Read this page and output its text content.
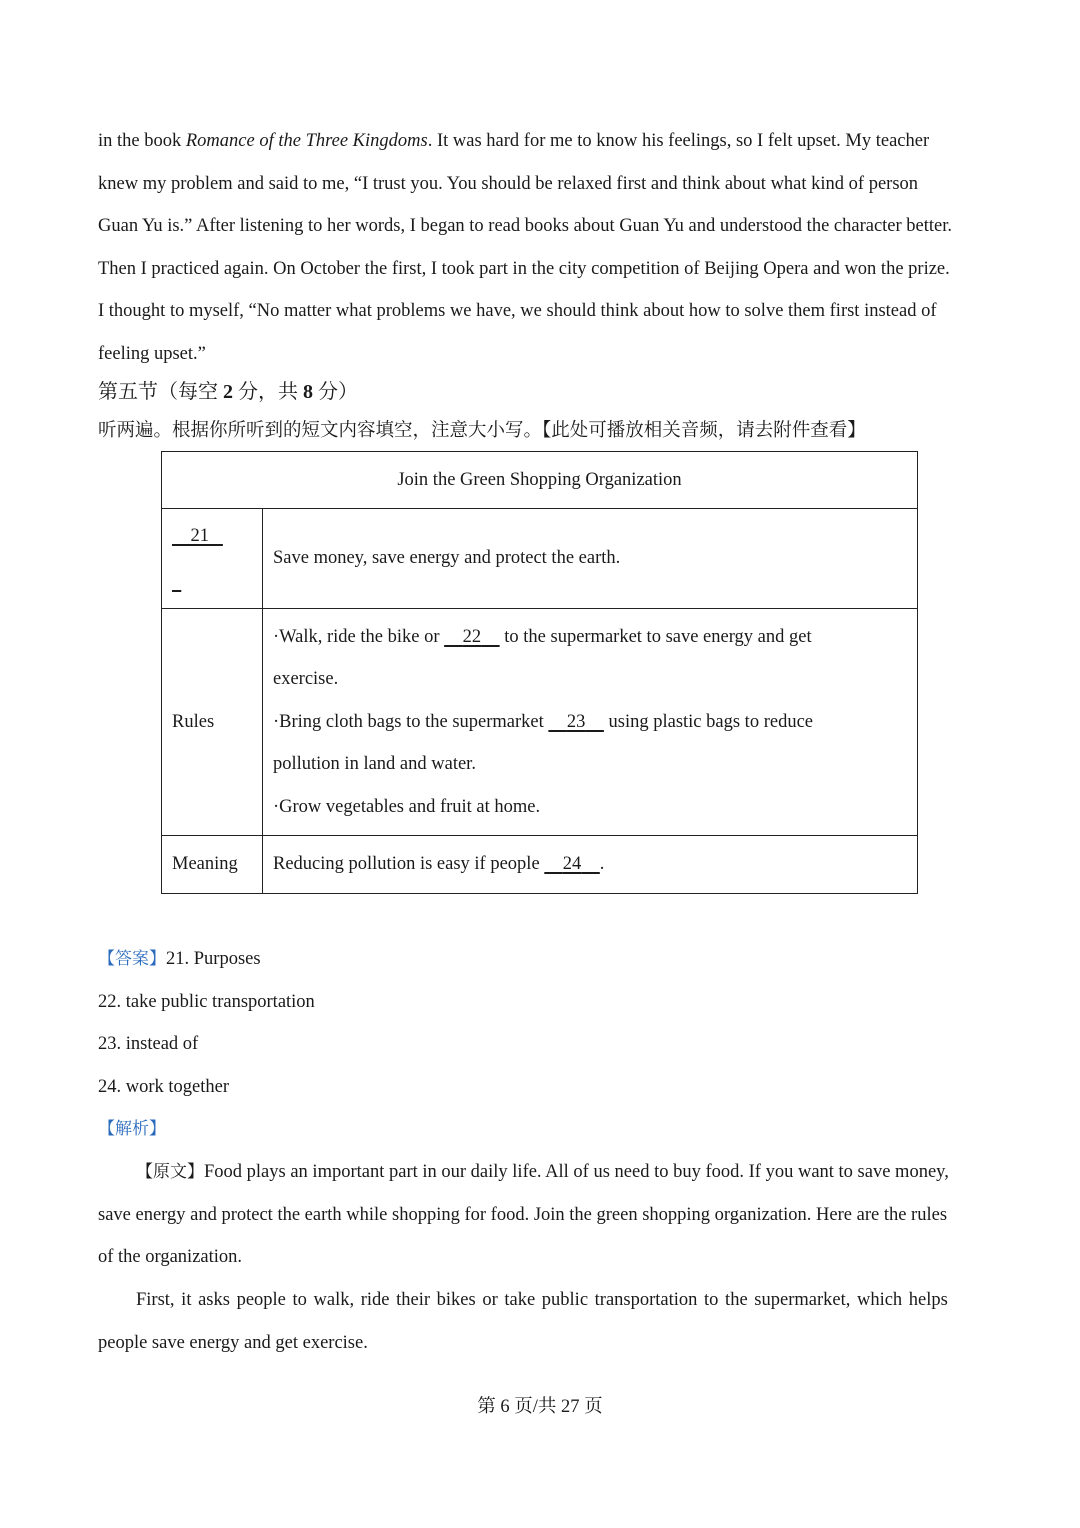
in the book Romance of the Three Kingdoms. It was hard for me to know his feelings, so I felt upset. My teacher

knew my problem and said to me, “I trust you. You should be relaxed first and think about what kind of person

Guan Yu is.” After listening to her words, I began to read books about Guan Yu and understood the character better.

Then I practiced again. On October the first, I took part in the city competition of Beijing Opera and won the prize.

I thought to myself, “No matter what problems we have, we should think about how to solve them first instead of

feeling upset.”

第五节（每空 2 分，共 8 分）
听两遍。根据你所听到的短文内容填空，注意大小写。【此处可播放相关音频，请去附件查看】
Join the Green Shopping Organization	
21	Save money, save energy and protect the earth.
Rules	·Walk, ride the bike or     22     to the supermarket to save energy and get
exercise.
·Bring cloth bags to the supermarket     23     using plastic bags to reduce
pollution in land and water.
·Grow vegetables and fruit at home.

Meaning	Reducing pollution is easy if people     24 .
【答案】21. Purposes
22. take public transportation
23. instead of
24. work together
【解析】
【原文】Food plays an important part in our daily life. All of us need to buy food. If you want to save money,
save energy and protect the earth while shopping for food. Join the green shopping organization. Here are the rules
of the organization.
First, it asks people to walk, ride their bikes or take public transportation to the supermarket, which helps
people save energy and get exercise.
第 6 页/共 27 页
